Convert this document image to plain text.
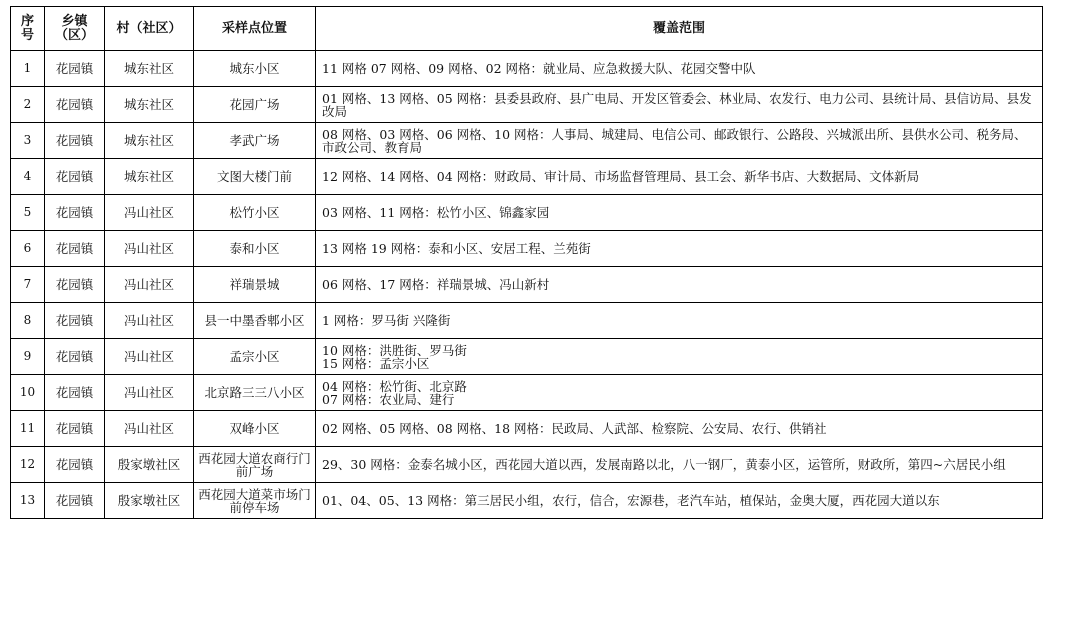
序号	乡镇（区）	村（社区）	采样点位置	覆盖范围
1	花园镇	城东社区	城东小区	11 网格 07 网格、09 网格、02 网格：就业局、应急救援大队、花园交警中队

2	花园镇	城东社区	花园广场	01 网格、13 网格、05 网格：县委县政府、县广电局、开发区管委会、林业局、农发行、电力公司、县统计局、县信访局、县发改局

3	花园镇	城东社区	孝武广场	08 网格、03 网格、06 网格、10 网格：人事局、城建局、电信公司、邮政银行、公路段、兴城派出所、县供水公司、税务局、市政公司、教育局

4	花园镇	城东社区	文图大楼门前	12 网格、14 网格、04 网格：财政局、审计局、市场监督管理局、县工会、新华书店、大数据局、文体新局

5	花园镇	冯山社区	松竹小区	03 网格、11 网格：松竹小区、锦鑫家园

6	花园镇	冯山社区	泰和小区	13 网格 19 网格：泰和小区、安居工程、兰苑街

7	花园镇	冯山社区	祥瑞景城	06 网格、17 网格：祥瑞景城、冯山新村

8	花园镇	冯山社区	县一中墨香郫小区	1 网格：罗马街 兴隆街

9	花园镇	冯山社区	孟宗小区	10 网格：洪胜街、罗马街
15 网格：孟宗小区

10	花园镇	冯山社区	北京路三三八小区	04 网格：松竹街、北京路
07 网格：农业局、建行

11	花园镇	冯山社区	双峰小区	02 网格、05 网格、08 网格、18 网格：民政局、人武部、检察院、公安局、农行、供销社

12	花园镇	殷家墩社区	西花园大道农商行门前广场	29、30 网格：金泰名城小区，西花园大道以西，发展南路以北，八一钢厂，黄泰小区，运管所，财政所，第四~六居民小组

13	花园镇	殷家墩社区	西花园大道菜市场门前停车场	01、04、05、13 网格：第三居民小组，农行，信合，宏源巷，老汽车站，植保站，金奥大厦，西花园大道以东
